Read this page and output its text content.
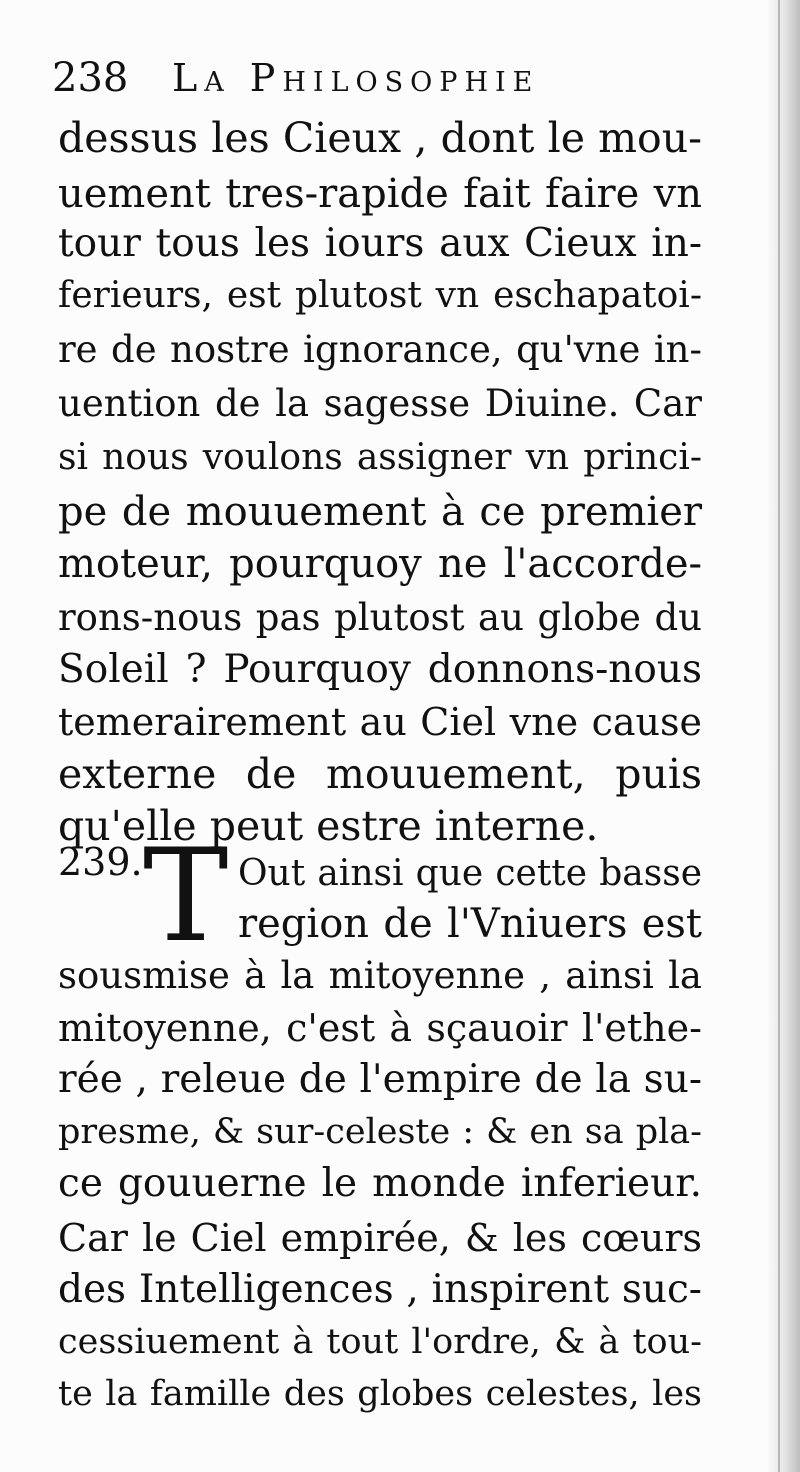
238 La Philosophie
dessus les Cieux , dont le mou-
uement tres-rapide fait faire vn
tour tous les iours aux Cieux in-
ferieurs, est plutost vn eschapatoi-
re de nostre ignorance, qu'vne in-
uention de la sagesse Diuine. Car
si nous voulons assigner vn princi-
pe de mouuement à ce premier
moteur, pourquoy ne l'accorde-
rons-nous pas plutost au globe du
Soleil ? Pourquoy donnons-nous
temerairement au Ciel vne cause
externe de mouuement, puis
qu'elle peut estre interne.
239. T Out ainsi que cette basse
region de l'Vniuers est
sousmise à la mitoyenne , ainsi la
mitoyenne, c'est à sçauoir l'ethe-
rée , releue de l'empire de la su-
presme, & sur-celeste : & en sa pla-
ce gouuerne le monde inferieur.
Car le Ciel empirée, & les cœurs
des Intelligences , inspirent suc-
cessiuement à tout l'ordre, & à tou-
te la famille des globes celestes, les
